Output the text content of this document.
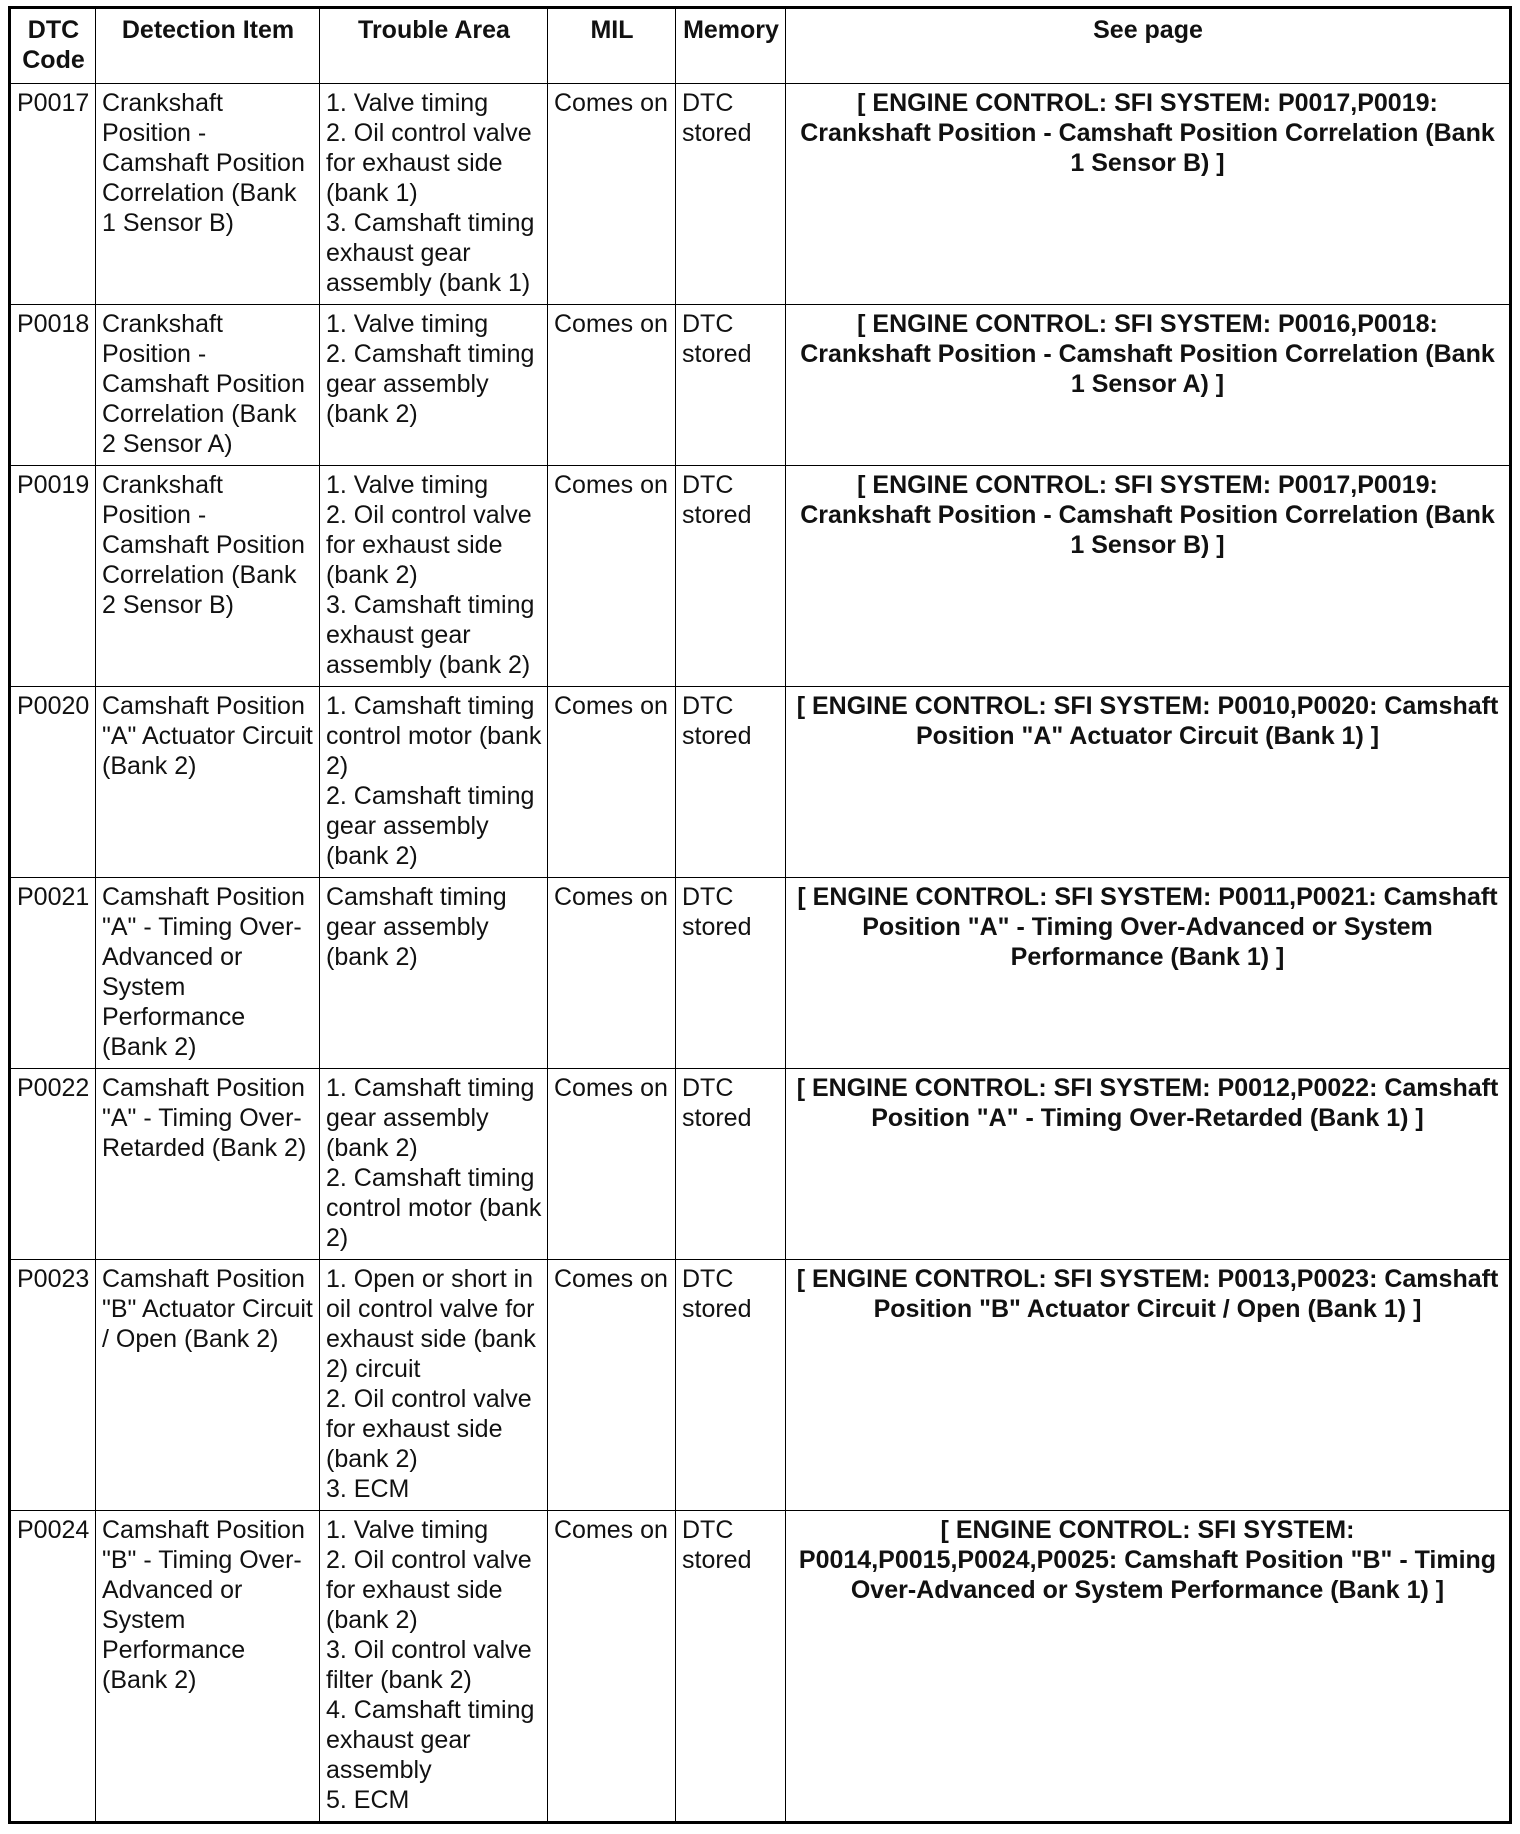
DTC Code	Detection Item	Trouble Area	MIL	Memory	See page
P0017	Crankshaft Position - Camshaft Position Correlation (Bank 1 Sensor B)	1. Valve timing
2. Oil control valve for exhaust side (bank 1)
3. Camshaft timing exhaust gear assembly (bank 1)	Comes on	DTC stored	[ ENGINE CONTROL: SFI SYSTEM: P0017,P0019: Crankshaft Position - Camshaft Position Correlation (Bank 1 Sensor B) ]
P0018	Crankshaft Position - Camshaft Position Correlation (Bank 2 Sensor A)	1. Valve timing
2. Camshaft timing gear assembly (bank 2)	Comes on	DTC stored	[ ENGINE CONTROL: SFI SYSTEM: P0016,P0018: Crankshaft Position - Camshaft Position Correlation (Bank 1 Sensor A) ]
P0019	Crankshaft Position - Camshaft Position Correlation (Bank 2 Sensor B)	1. Valve timing
2. Oil control valve for exhaust side (bank 2)
3. Camshaft timing exhaust gear assembly (bank 2)	Comes on	DTC stored	[ ENGINE CONTROL: SFI SYSTEM: P0017,P0019: Crankshaft Position - Camshaft Position Correlation (Bank 1 Sensor B) ]
P0020	Camshaft Position "A" Actuator Circuit (Bank 2)	1. Camshaft timing control motor (bank 2)
2. Camshaft timing gear assembly (bank 2)	Comes on	DTC stored	[ ENGINE CONTROL: SFI SYSTEM: P0010,P0020: Camshaft Position "A" Actuator Circuit (Bank 1) ]
P0021	Camshaft Position "A" - Timing Over-Advanced or System Performance (Bank 2)	Camshaft timing gear assembly (bank 2)	Comes on	DTC stored	[ ENGINE CONTROL: SFI SYSTEM: P0011,P0021: Camshaft Position "A" - Timing Over-Advanced or System Performance (Bank 1) ]
P0022	Camshaft Position "A" - Timing Over-Retarded (Bank 2)	1. Camshaft timing gear assembly (bank 2)
2. Camshaft timing control motor (bank 2)	Comes on	DTC stored	[ ENGINE CONTROL: SFI SYSTEM: P0012,P0022: Camshaft Position "A" - Timing Over-Retarded (Bank 1) ]
P0023	Camshaft Position "B" Actuator Circuit / Open (Bank 2)	1. Open or short in oil control valve for exhaust side (bank 2) circuit
2. Oil control valve for exhaust side (bank 2)
3. ECM	Comes on	DTC stored	[ ENGINE CONTROL: SFI SYSTEM: P0013,P0023: Camshaft Position "B" Actuator Circuit / Open (Bank 1) ]
P0024	Camshaft Position "B" - Timing Over-Advanced or System Performance (Bank 2)	1. Valve timing
2. Oil control valve for exhaust side (bank 2)
3. Oil control valve filter (bank 2)
4. Camshaft timing exhaust gear assembly
5. ECM	Comes on	DTC stored	[ ENGINE CONTROL: SFI SYSTEM: P0014,P0015,P0024,P0025: Camshaft Position "B" - Timing Over-Advanced or System Performance (Bank 1) ]
